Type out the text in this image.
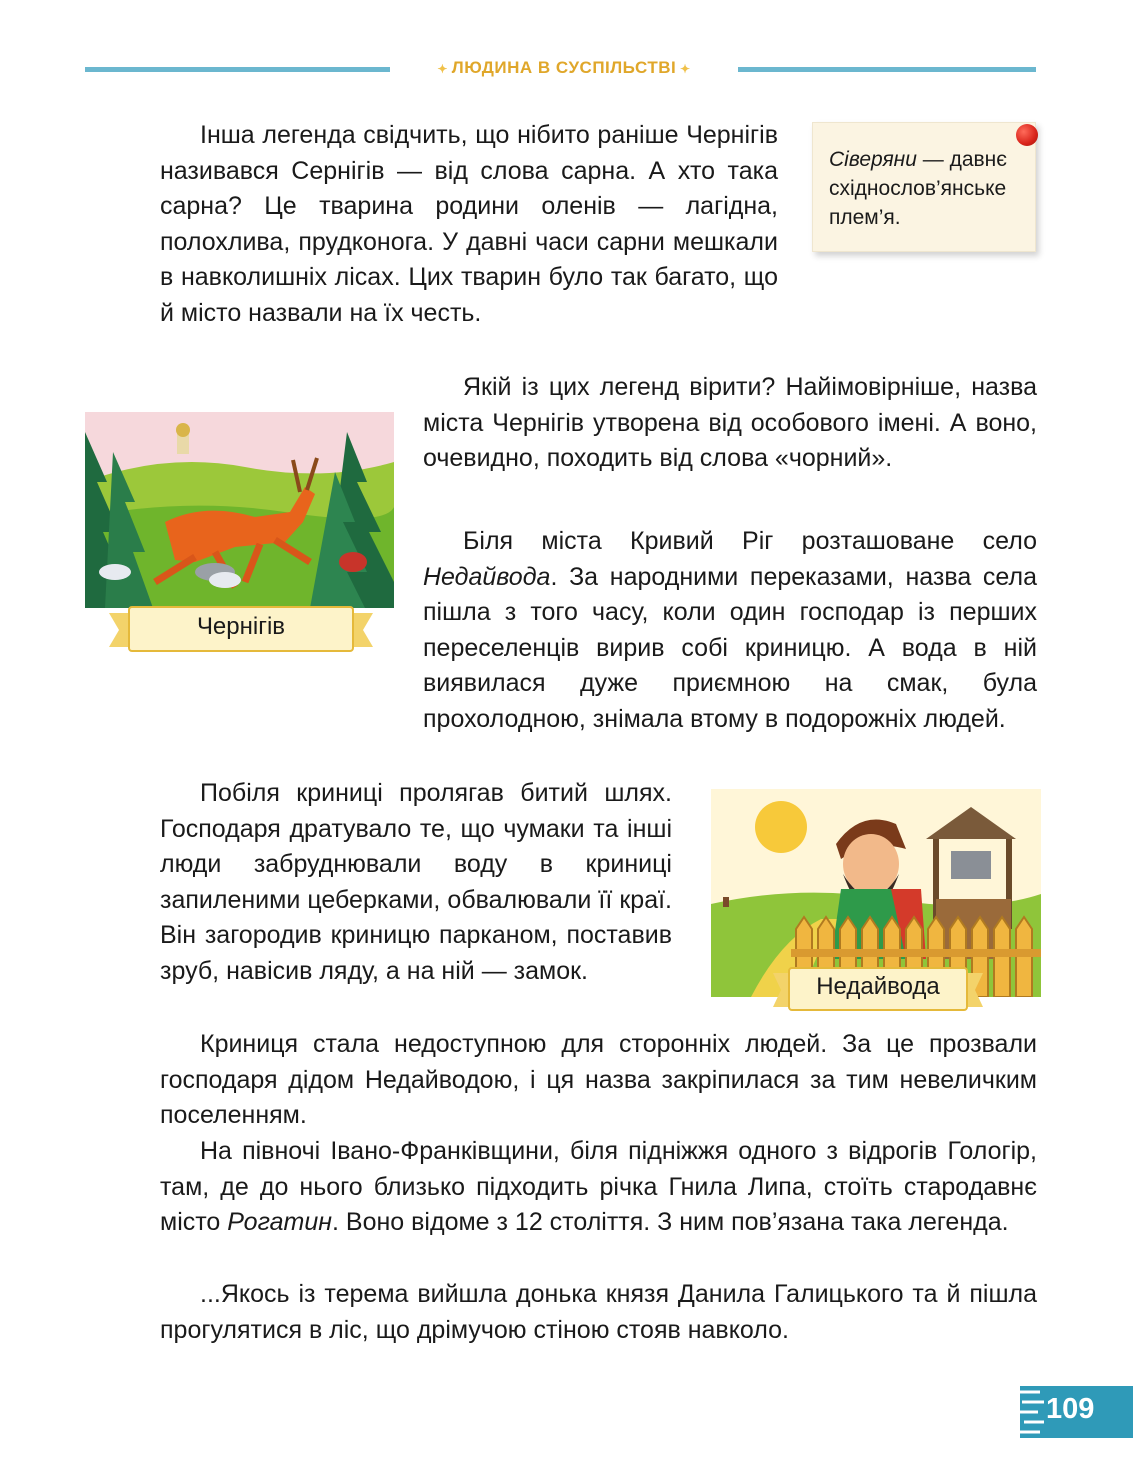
✦ ЛЮДИНА В СУСПІЛЬСТВІ ✦

Інша легенда свідчить, що нібито раніше Чернігів називався Сернігів — від слова сарна. А хто така сарна? Це тварина родини оленів — лагідна, полохлива, прудконога. У давні часи сарни мешкали в навколишніх лісах. Цих тварин було так багато, що й місто назвали на їх честь.

Сіверяни — давнє східнослов’янське плем’я.
Чернігів

Якій із цих легенд вірити? Найімовірніше, назва міста Чернігів утворена від особового імені. А воно, очевидно, походить від слова «чорний».

Біля міста Кривий Ріг розташоване село Недайвода. За народними переказами, назва села пішла з того часу, коли один господар із перших переселенців вирив собі криницю. А вода в ній виявилася дуже приємною на смак, була прохолодною, знімала втому в подорожніх людей.

Побіля криниці пролягав битий шлях. Господаря дратувало те, що чумаки та інші люди забруднювали воду в криниці запиленими цеберками, обвалювали її краї. Він загородив криницю парканом, поставив зруб, навісив ляду, а на ній — замок.

Недайвода

Криниця стала недоступною для сторонніх людей. За це прозвали господаря дідом Недайводою, і ця назва закріпилася за тим невеличким поселенням.

На півночі Івано-Франківщини, біля підніжжя одного з відрогів Гологір, там, де до нього близько підходить річка Гнила Липа, стоїть стародавнє місто Рогатин. Воно відоме з 12 століття. З ним пов’язана така легенда.

...Якось із терема вийшла донька князя Данила Галицького та й пішла прогулятися в ліс, що дрімучою стіною стояв навколо.

109
